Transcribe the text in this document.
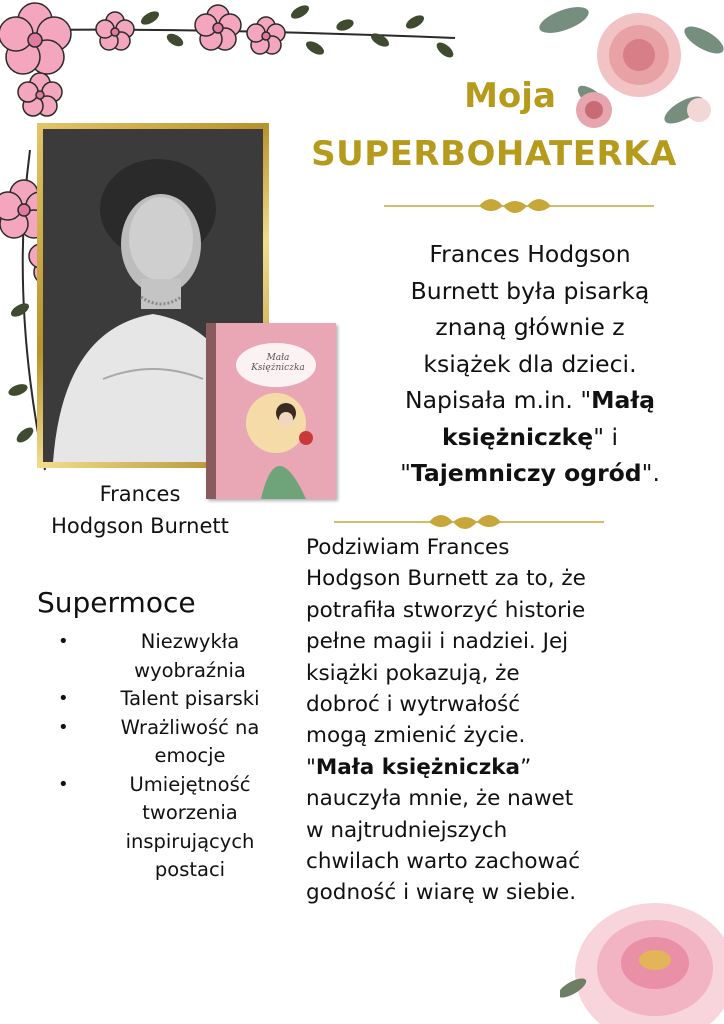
Moja
SUPERBOHATERKA
Mała Księżniczka
Frances Hodgson
Burnett była pisarką
znaną głównie z
książek dla dzieci.
Napisała m.in. "Małą
księżniczkę" i
"Tajemniczy ogród".
Frances
Hodgson Burnett
Supermoce
•	Niezwykła
wyobraźnia
•	Talent pisarski
•	Wrażliwość na
emocje
•	Umiejętność
tworzenia
inspirujących
postaci
Podziwiam Frances
Hodgson Burnett za to, że
potrafiła stworzyć historie
pełne magii i nadziei. Jej
książki pokazują, że
dobroć i wytrwałość
mogą zmienić życie.
"Mała księżniczka”
nauczyła mnie, że nawet
w najtrudniejszych
chwilach warto zachować
godność i wiarę w siebie.
